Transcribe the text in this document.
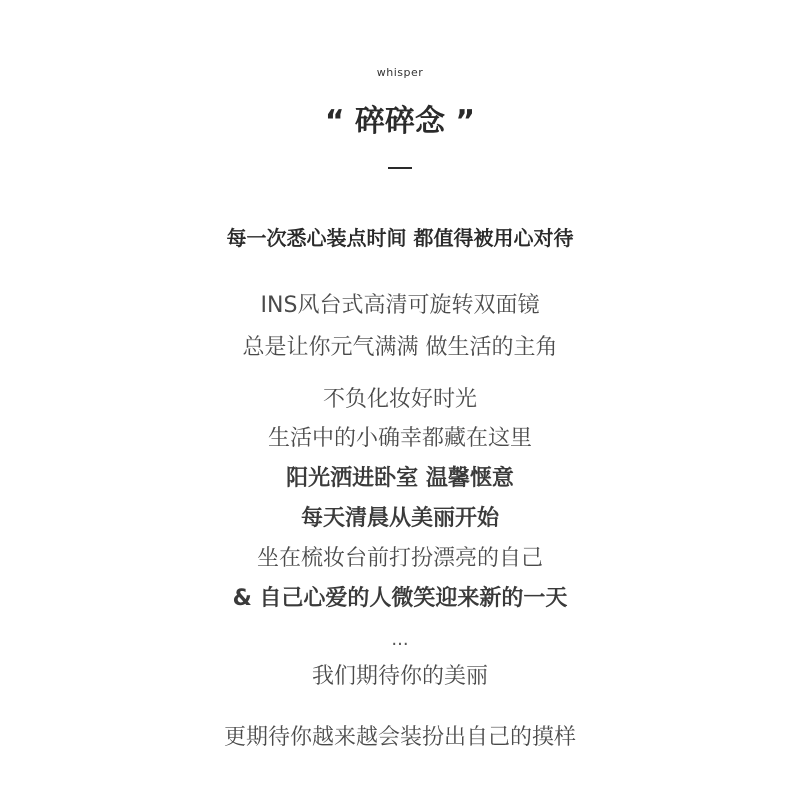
whisper
“ 碎碎念 ”
每一次悉心装点时间 都值得被用心对待
INS风台式高清可旋转双面镜
总是让你元气满满 做生活的主角
不负化妆好时光
生活中的小确幸都藏在这里
阳光洒进卧室 温馨惬意
每天清晨从美丽开始
坐在梳妆台前打扮漂亮的自己
& 自己心爱的人微笑迎来新的一天
...
我们期待你的美丽
更期待你越来越会装扮出自己的摸样
